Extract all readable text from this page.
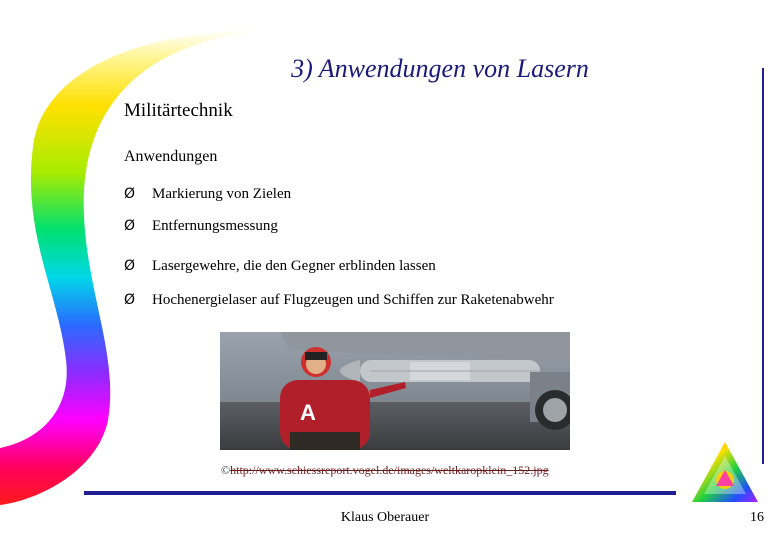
3) Anwendungen von Lasern
Militärtechnik
Anwendungen
Ø Markierung von Zielen
Ø Entfernungsmessung
Ø Lasergewehre, die den Gegner erblinden lassen
Ø Hochenergielaser auf Flugzeugen und Schiffen zur Raketenabwehr
A
©http://www.schiessreport.vogel.de/images/weltkaropklein_152.jpg
Klaus Oberauer	16
